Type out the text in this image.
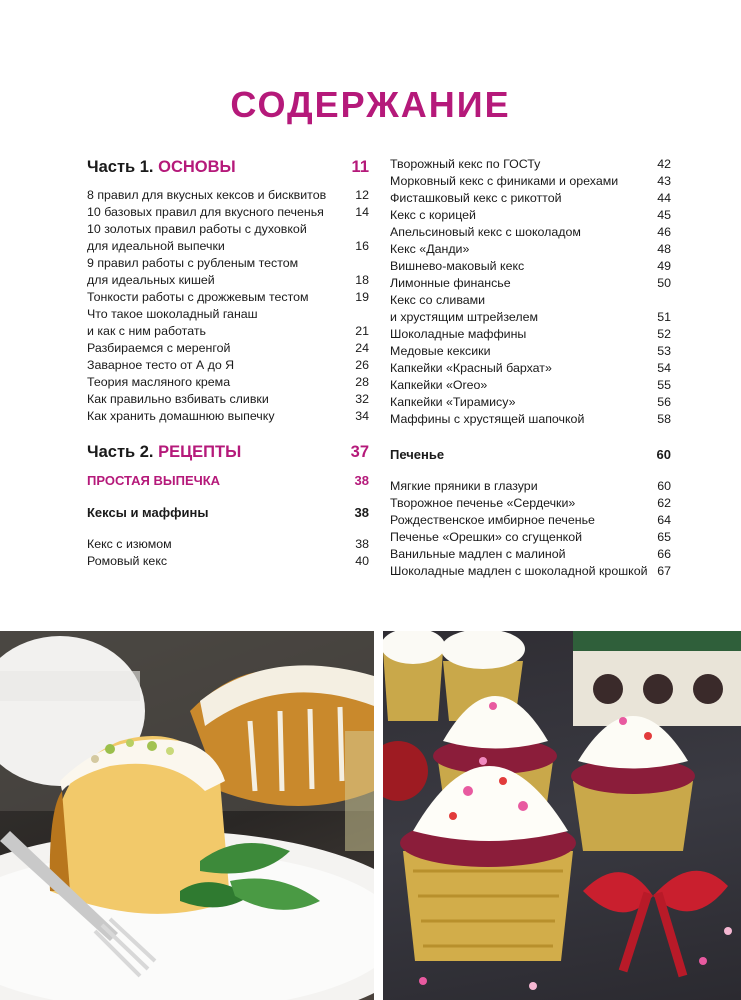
СОДЕРЖАНИЕ
Часть 1. ОСНОВЫ	11
8 правил для вкусных кексов и бисквитов	12
10 базовых правил для вкусного печенья	14
10 золотых правил работы с духовкой
для идеальной выпечки	16
9 правил работы с рубленым тестом
для идеальных кишей	18
Тонкости работы с дрожжевым тестом	19
Что такое шоколадный ганаш
и как с ним работать	21
Разбираемся с меренгой	24
Заварное тесто от А до Я	26
Теория масляного крема	28
Как правильно взбивать сливки	32
Как хранить домашнюю выпечку	34
Часть 2. РЕЦЕПТЫ	37
ПРОСТАЯ ВЫПЕЧКА	38
Кексы и маффины	38
Кекс с изюмом	38
Ромовый кекс	40
Творожный кекс по ГОСТу	42
Морковный кекс с финиками и орехами	43
Фисташковый кекс с рикоттой	44
Кекс с корицей	45
Апельсиновый кекс с шоколадом	46
Кекс «Данди»	48
Вишнево-маковый кекс	49
Лимонные финансье	50
Кекс со сливами
и хрустящим штрейзелем	51
Шоколадные маффины	52
Медовые кексики	53
Капкейки «Красный бархат»	54
Капкейки «Oreo»	55
Капкейки «Тирамису»	56
Маффины с хрустящей шапочкой	58
Печенье	60
Мягкие пряники в глазури	60
Творожное печенье «Сердечки»	62
Рождественское имбирное печенье	64
Печенье «Орешки» со сгущенкой	65
Ванильные мадлен с малиной	66
Шоколадные мадлен с шоколадной крошкой 67
